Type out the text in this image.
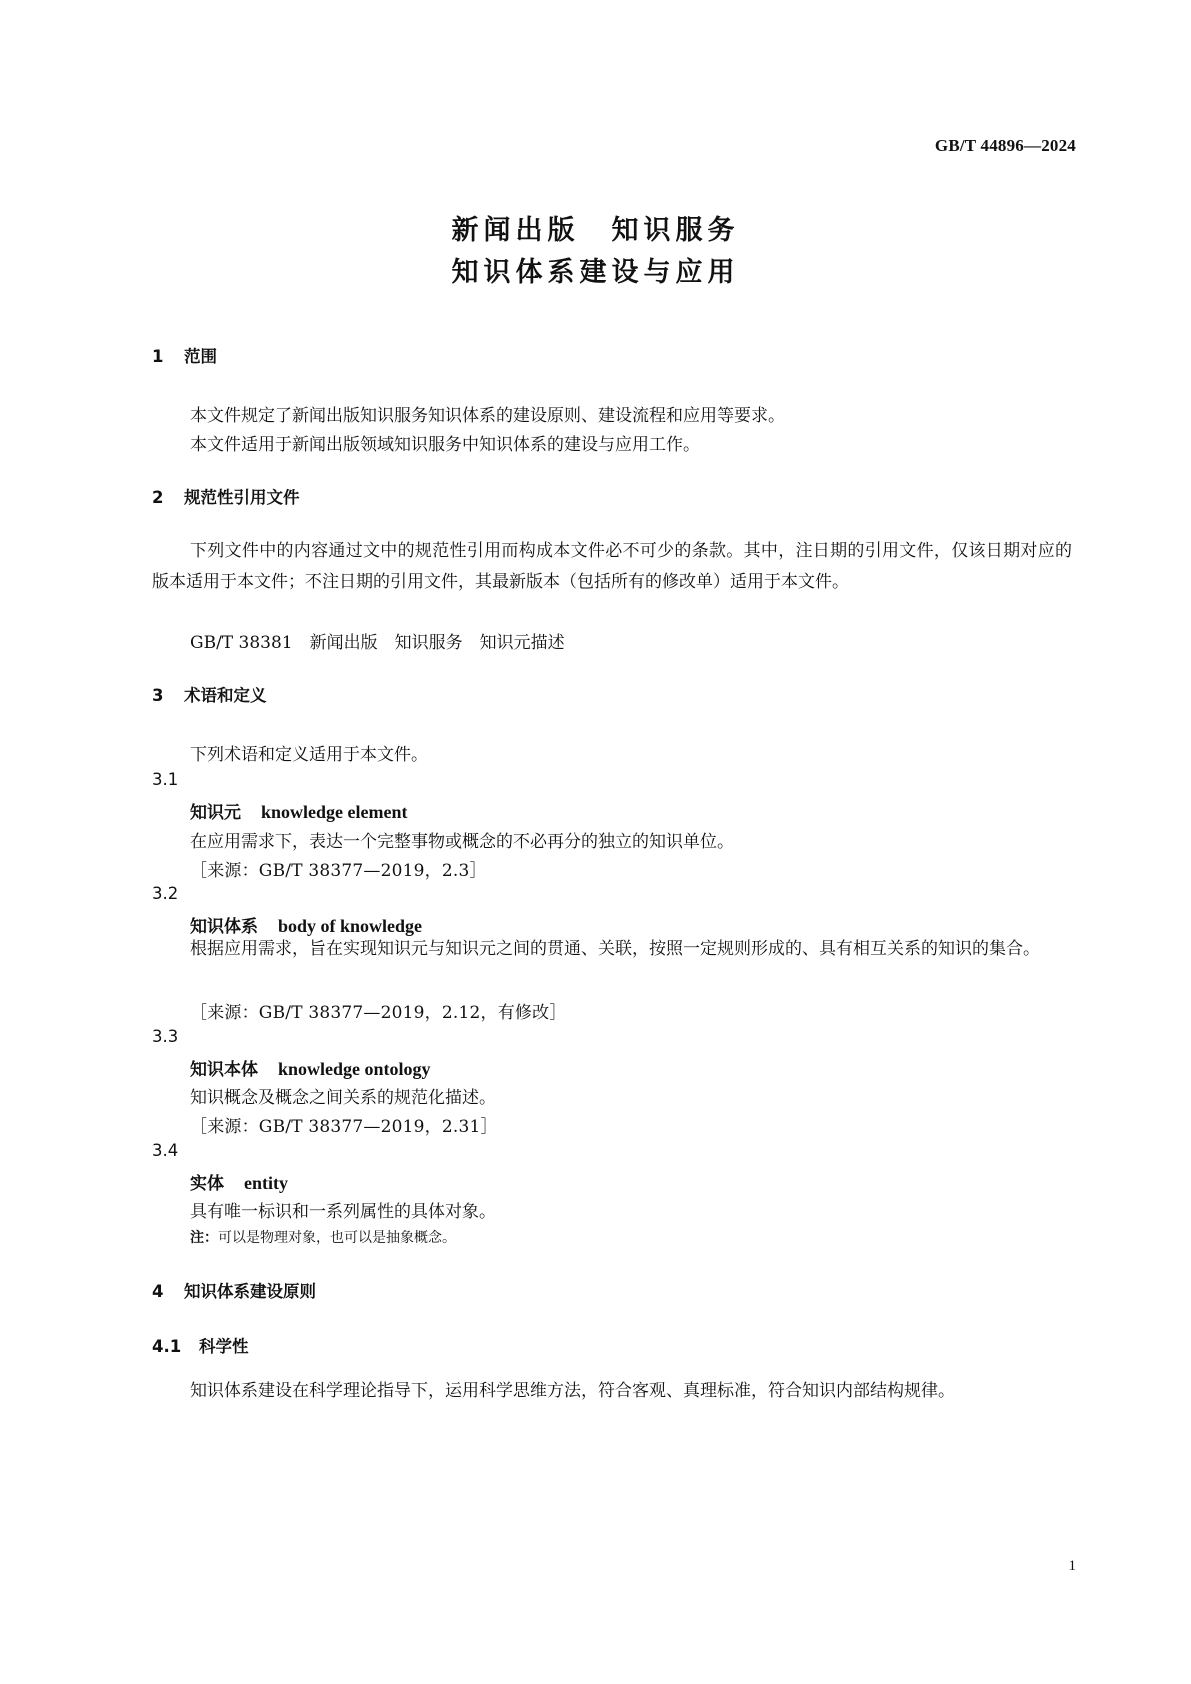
GB/T 44896—2024
新闻出版　知识服务
知识体系建设与应用
1 范围
本文件规定了新闻出版知识服务知识体系的建设原则、建设流程和应用等要求。
本文件适用于新闻出版领域知识服务中知识体系的建设与应用工作。
2 规范性引用文件
下列文件中的内容通过文中的规范性引用而构成本文件必不可少的条款。其中，注日期的引用文件，仅该日期对应的版本适用于本文件；不注日期的引用文件，其最新版本（包括所有的修改单）适用于本文件。
GB/T 38381　新闻出版　知识服务　知识元描述
3 术语和定义
下列术语和定义适用于本文件。
3.1
知识元 knowledge element
在应用需求下，表达一个完整事物或概念的不必再分的独立的知识单位。
［来源：GB/T 38377—2019，2.3］
3.2
知识体系 body of knowledge
根据应用需求，旨在实现知识元与知识元之间的贯通、关联，按照一定规则形成的、具有相互关系的知识的集合。
［来源：GB/T 38377—2019，2.12，有修改］
3.3
知识本体 knowledge ontology
知识概念及概念之间关系的规范化描述。
［来源：GB/T 38377—2019，2.31］
3.4
实体 entity
具有唯一标识和一系列属性的具体对象。
注：可以是物理对象，也可以是抽象概念。
4 知识体系建设原则
4.1 科学性
知识体系建设在科学理论指导下，运用科学思维方法，符合客观、真理标准，符合知识内部结构规律。
1
